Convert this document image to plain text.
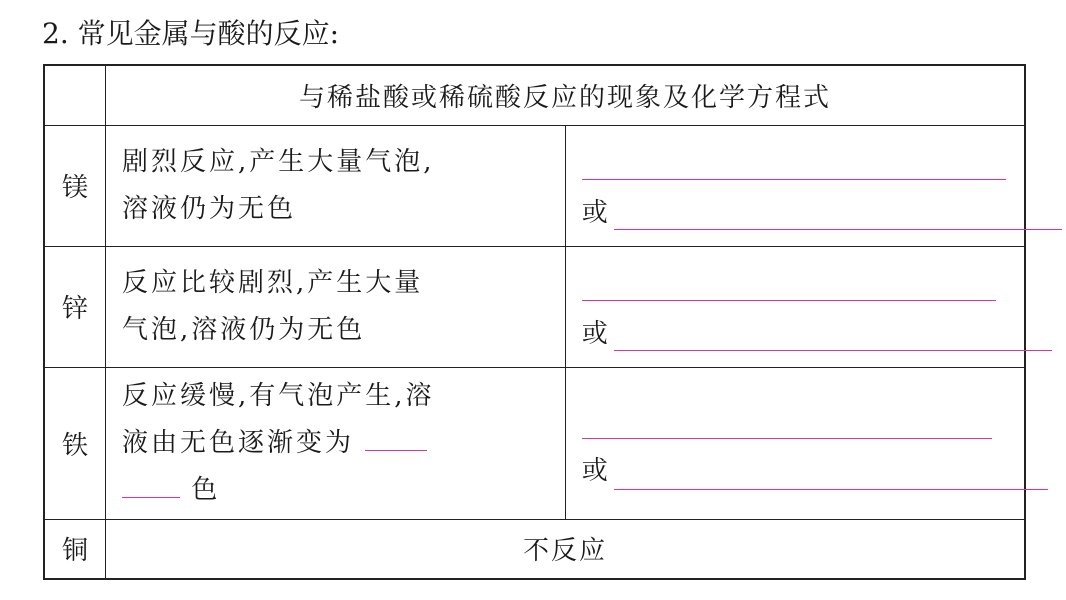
2. 常见金属与酸的反应:
	与稀盐酸或稀硫酸反应的现象及化学方程式	
镁	剧烈反应,产生大量气泡,
溶液仍为无色	或

锌	反应比较剧烈,产生大量
气泡,溶液仍为无色	或

铁	反应缓慢,有气泡产生,溶
液由无色逐渐变为
色	或

铜	不反应	
